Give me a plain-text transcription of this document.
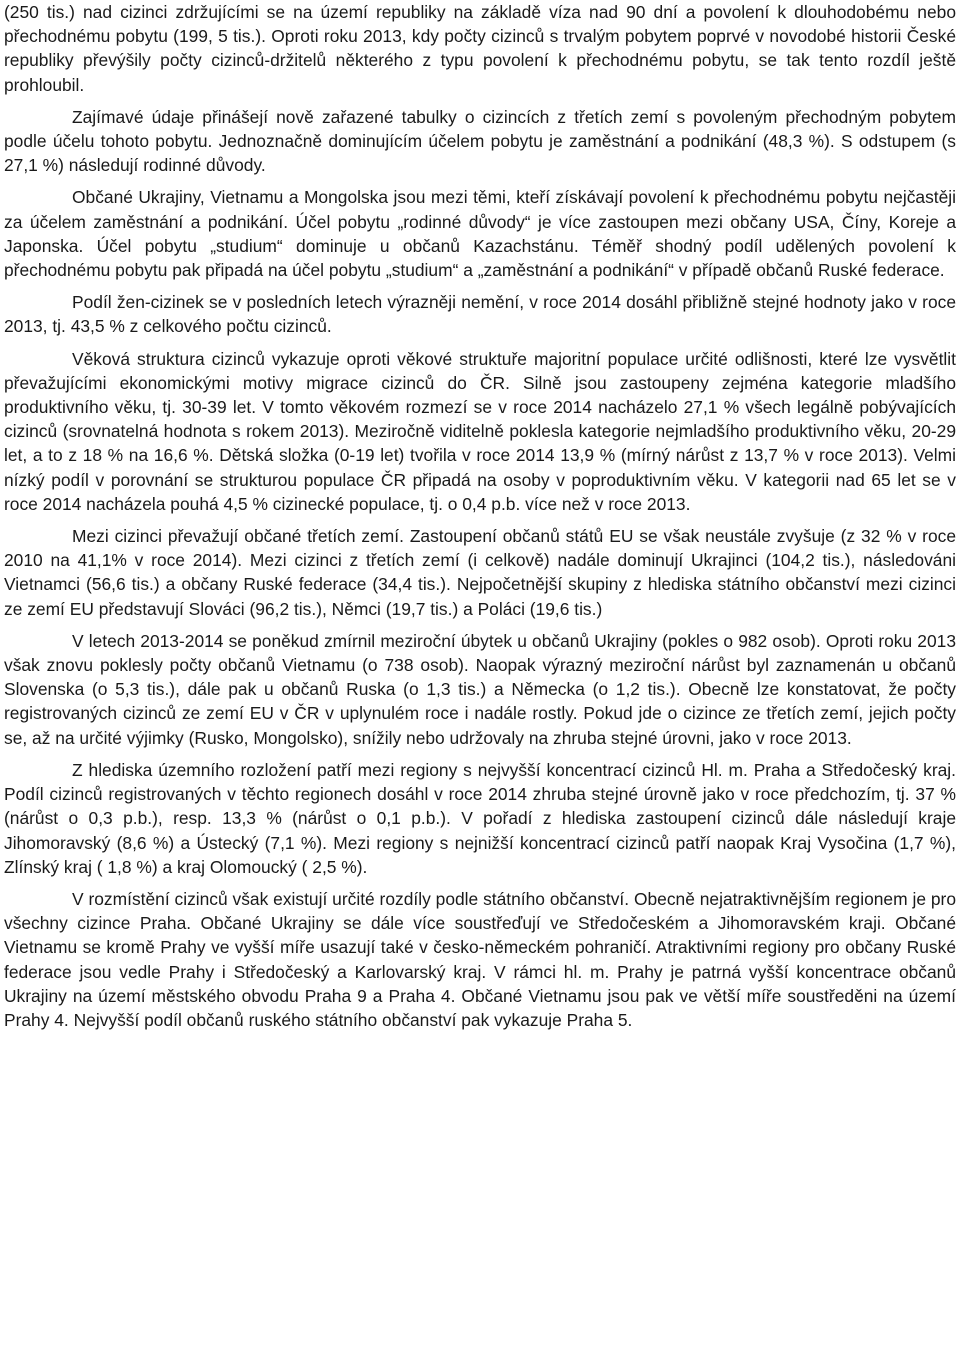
(250 tis.) nad cizinci zdržujícími se na území republiky na základě víza nad 90 dní a povolení k dlouhodobému nebo přechodnému pobytu (199, 5 tis.). Oproti roku 2013, kdy počty cizinců s trvalým pobytem poprvé v novodobé historii České republiky převýšily počty cizinců-držitelů některého z typu povolení k přechodnému pobytu, se tak tento rozdíl ještě prohloubil.

Zajímavé údaje přinášejí nově zařazené tabulky o cizincích z třetích zemí s povoleným přechodným pobytem podle účelu tohoto pobytu. Jednoznačně dominujícím účelem pobytu je zaměstnání a podnikání (48,3 %). S odstupem (s 27,1 %) následují rodinné důvody.

Občané Ukrajiny, Vietnamu a Mongolska jsou mezi těmi, kteří získávají povolení k přechodnému pobytu nejčastěji za účelem zaměstnání a podnikání. Účel pobytu „rodinné důvody“ je více zastoupen mezi občany USA, Číny, Koreje a Japonska. Účel pobytu „studium“ dominuje u občanů Kazachstánu. Téměř shodný podíl udělených povolení k přechodnému pobytu pak připadá na účel pobytu „studium“ a „zaměstnání a podnikání“ v případě občanů Ruské federace.

Podíl žen-cizinek se v posledních letech výrazněji nemění, v roce 2014 dosáhl přibližně stejné hodnoty jako v roce 2013, tj. 43,5 % z celkového počtu cizinců.

Věková struktura cizinců vykazuje oproti věkové struktuře majoritní populace určité odlišnosti, které lze vysvětlit převažujícími ekonomickými motivy migrace cizinců do ČR. Silně jsou zastoupeny zejména kategorie mladšího produktivního věku, tj. 30-39 let. V tomto věkovém rozmezí se v roce 2014 nacházelo 27,1 % všech legálně pobývajících cizinců (srovnatelná hodnota s rokem 2013). Meziročně viditelně poklesla kategorie nejmladšího produktivního věku, 20-29 let, a to z 18 % na 16,6 %. Dětská složka (0-19 let) tvořila v roce 2014 13,9 % (mírný nárůst z 13,7 % v roce 2013). Velmi nízký podíl v porovnání se strukturou populace ČR připadá na osoby v poproduktivním věku. V kategorii nad 65 let se v roce 2014 nacházela pouhá 4,5 % cizinecké populace, tj. o 0,4 p.b. více než v roce 2013.

Mezi cizinci převažují občané třetích zemí. Zastoupení občanů států EU se však neustále zvyšuje (z 32 % v roce 2010 na 41,1% v roce 2014). Mezi cizinci z třetích zemí (i celkově) nadále dominují Ukrajinci (104,2 tis.), následováni Vietnamci (56,6 tis.) a občany Ruské federace (34,4 tis.). Nejpočetnější skupiny z hlediska státního občanství mezi cizinci ze zemí EU představují Slováci (96,2 tis.), Němci (19,7 tis.) a Poláci (19,6 tis.)

V letech 2013-2014 se poněkud zmírnil meziroční úbytek u občanů Ukrajiny (pokles o 982 osob). Oproti roku 2013 však znovu poklesly počty občanů Vietnamu (o 738 osob). Naopak výrazný meziroční nárůst byl zaznamenán u občanů Slovenska (o 5,3 tis.), dále pak u občanů Ruska (o 1,3 tis.) a Německa (o 1,2 tis.). Obecně lze konstatovat, že počty registrovaných cizinců ze zemí EU v ČR v uplynulém roce i nadále rostly. Pokud jde o cizince ze třetích zemí, jejich počty se, až na určité výjimky (Rusko, Mongolsko), snížily nebo udržovaly na zhruba stejné úrovni, jako v roce 2013.

Z hlediska územního rozložení patří mezi regiony s nejvyšší koncentrací cizinců Hl. m. Praha a Středočeský kraj. Podíl cizinců registrovaných v těchto regionech dosáhl v roce 2014 zhruba stejné úrovně jako v roce předchozím, tj. 37 % (nárůst o 0,3 p.b.), resp. 13,3 % (nárůst o 0,1 p.b.). V pořadí z hlediska zastoupení cizinců dále následují kraje Jihomoravský (8,6 %) a Ústecký (7,1 %). Mezi regiony s nejnižší koncentrací cizinců patří naopak Kraj Vysočina (1,7 %), Zlínský kraj ( 1,8 %) a kraj Olomoucký ( 2,5 %).

V rozmístění cizinců však existují určité rozdíly podle státního občanství. Obecně nejatraktivnějším regionem je pro všechny cizince Praha. Občané Ukrajiny se dále více soustřeďují ve Středočeském a Jihomoravském kraji. Občané Vietnamu se kromě Prahy ve vyšší míře usazují také v česko-německém pohraničí. Atraktivními regiony pro občany Ruské federace jsou vedle Prahy i Středočeský a Karlovarský kraj. V rámci hl. m. Prahy je patrná vyšší koncentrace občanů Ukrajiny na území městského obvodu Praha 9 a Praha 4. Občané Vietnamu jsou pak ve větší míře soustředěni na území Prahy 4. Nejvyšší podíl občanů ruského státního občanství pak vykazuje Praha 5.
